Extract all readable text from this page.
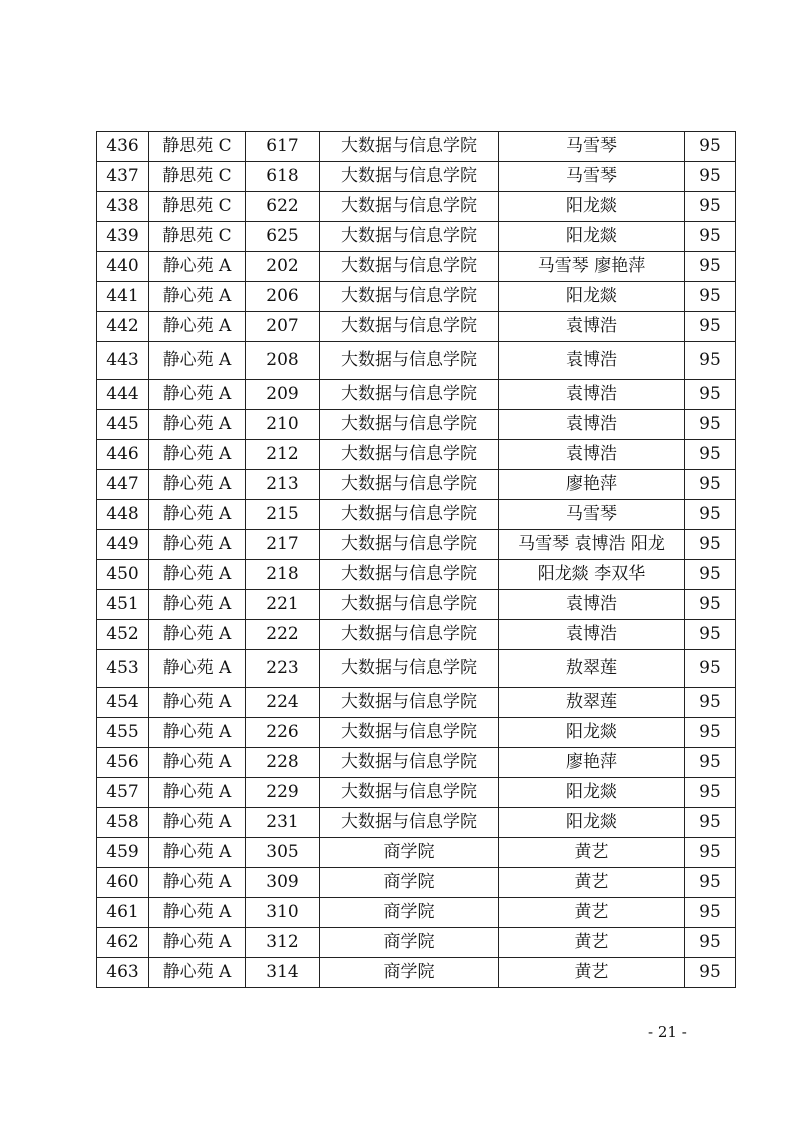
436	静思苑 C	617	大数据与信息学院	马雪琴	95
437	静思苑 C	618	大数据与信息学院	马雪琴	95
438	静思苑 C	622	大数据与信息学院	阳龙燚	95
439	静思苑 C	625	大数据与信息学院	阳龙燚	95
440	静心苑 A	202	大数据与信息学院	马雪琴 廖艳萍	95
441	静心苑 A	206	大数据与信息学院	阳龙燚	95
442	静心苑 A	207	大数据与信息学院	袁博浩	95
443	静心苑 A	208	大数据与信息学院	袁博浩	95
444	静心苑 A	209	大数据与信息学院	袁博浩	95
445	静心苑 A	210	大数据与信息学院	袁博浩	95
446	静心苑 A	212	大数据与信息学院	袁博浩	95
447	静心苑 A	213	大数据与信息学院	廖艳萍	95
448	静心苑 A	215	大数据与信息学院	马雪琴	95
449	静心苑 A	217	大数据与信息学院	马雪琴 袁博浩 阳龙	95
450	静心苑 A	218	大数据与信息学院	阳龙燚 李双华	95
451	静心苑 A	221	大数据与信息学院	袁博浩	95
452	静心苑 A	222	大数据与信息学院	袁博浩	95
453	静心苑 A	223	大数据与信息学院	敖翠莲	95
454	静心苑 A	224	大数据与信息学院	敖翠莲	95
455	静心苑 A	226	大数据与信息学院	阳龙燚	95
456	静心苑 A	228	大数据与信息学院	廖艳萍	95
457	静心苑 A	229	大数据与信息学院	阳龙燚	95
458	静心苑 A	231	大数据与信息学院	阳龙燚	95
459	静心苑 A	305	商学院	黄艺	95
460	静心苑 A	309	商学院	黄艺	95
461	静心苑 A	310	商学院	黄艺	95
462	静心苑 A	312	商学院	黄艺	95
463	静心苑 A	314	商学院	黄艺	95
- 21 -
